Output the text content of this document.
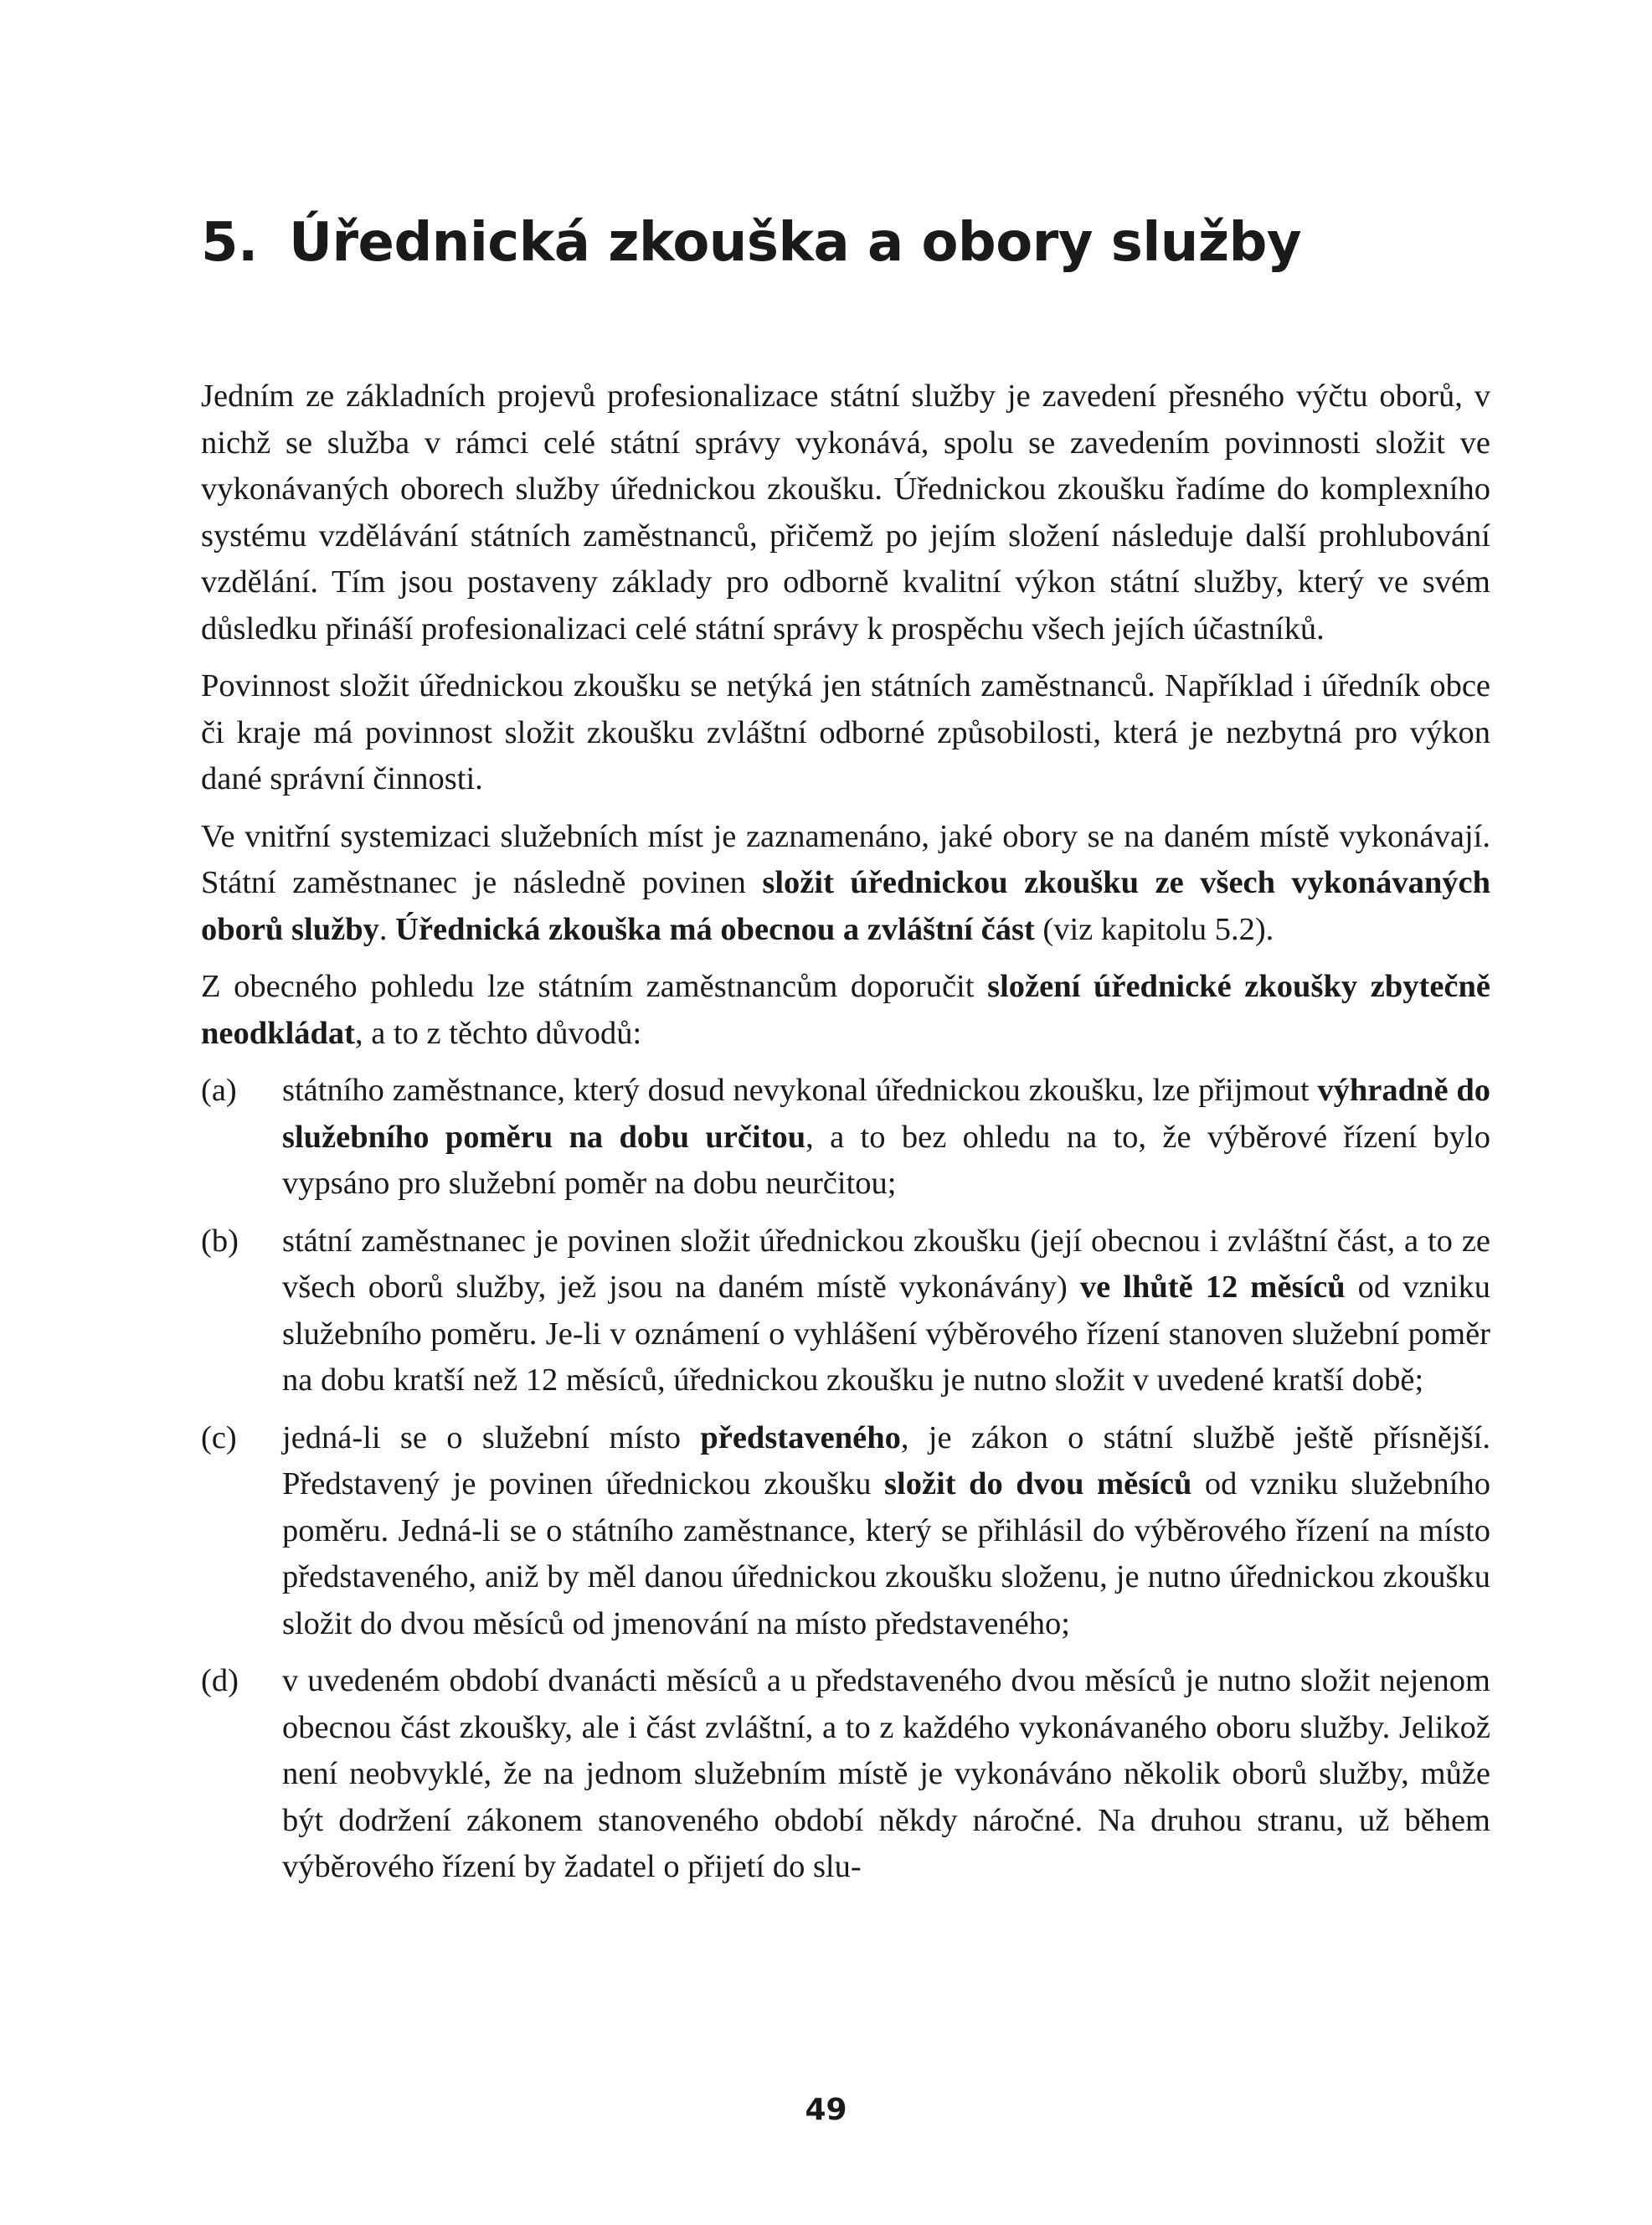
5. Úřednická zkouška a obory služby

Jedním ze základních projevů profesionalizace státní služby je zavedení přesného výčtu oborů, v nichž se služba v rámci celé státní správy vykonává, spolu se zavedením povinnosti složit ve vykonávaných oborech služby úřednickou zkoušku. Úřednickou zkoušku řadíme do komplexního systému vzdělávání státních zaměstnanců, přičemž po jejím složení následuje další prohlubování vzdělání. Tím jsou postaveny základy pro odborně kvalitní výkon státní služby, který ve svém důsledku přináší profesionalizaci celé státní správy k prospěchu všech jejích účastníků.

Povinnost složit úřednickou zkoušku se netýká jen státních zaměstnanců. Například i úředník obce či kraje má povinnost složit zkoušku zvláštní odborné způsobilosti, která je nezbytná pro výkon dané správní činnosti.

Ve vnitřní systemizaci služebních míst je zaznamenáno, jaké obory se na daném místě vykonávají. Státní zaměstnanec je následně povinen složit úřednickou zkoušku ze všech vykonávaných oborů služby. Úřednická zkouška má obecnou a zvláštní část (viz kapitolu 5.2).

Z obecného pohledu lze státním zaměstnancům doporučit složení úřednické zkoušky zbytečně neodkládat, a to z těchto důvodů:

(a)	státního zaměstnance, který dosud nevykonal úřednickou zkoušku, lze přijmout výhradně do služebního poměru na dobu určitou, a to bez ohledu na to, že výběrové řízení bylo vypsáno pro služební poměr na dobu neurčitou;
(b)	státní zaměstnanec je povinen složit úřednickou zkoušku (její obecnou i zvláštní část, a to ze všech oborů služby, jež jsou na daném místě vykonávány) ve lhůtě 12 měsíců od vzniku služebního poměru. Je-li v oznámení o vyhlášení výběrového řízení stanoven služební poměr na dobu kratší než 12 měsíců, úřednickou zkoušku je nutno složit v uvedené kratší době;
(c)	jedná-li se o služební místo představeného, je zákon o státní službě ještě přísnější. Představený je povinen úřednickou zkoušku složit do dvou měsíců od vzniku služebního poměru. Jedná-li se o státního zaměstnance, který se přihlásil do výběrového řízení na místo představeného, aniž by měl danou úřednickou zkoušku složenu, je nutno úřednickou zkoušku složit do dvou měsíců od jmenování na místo představeného;
(d)	v uvedeném období dvanácti měsíců a u představeného dvou měsíců je nutno složit nejenom obecnou část zkoušky, ale i část zvláštní, a to z každého vykonávaného oboru služby. Jelikož není neobvyklé, že na jednom služebním místě je vykonáváno několik oborů služby, může být dodržení zákonem stanoveného období někdy náročné. Na druhou stranu, už během výběrového řízení by žadatel o přijetí do slu-
49
